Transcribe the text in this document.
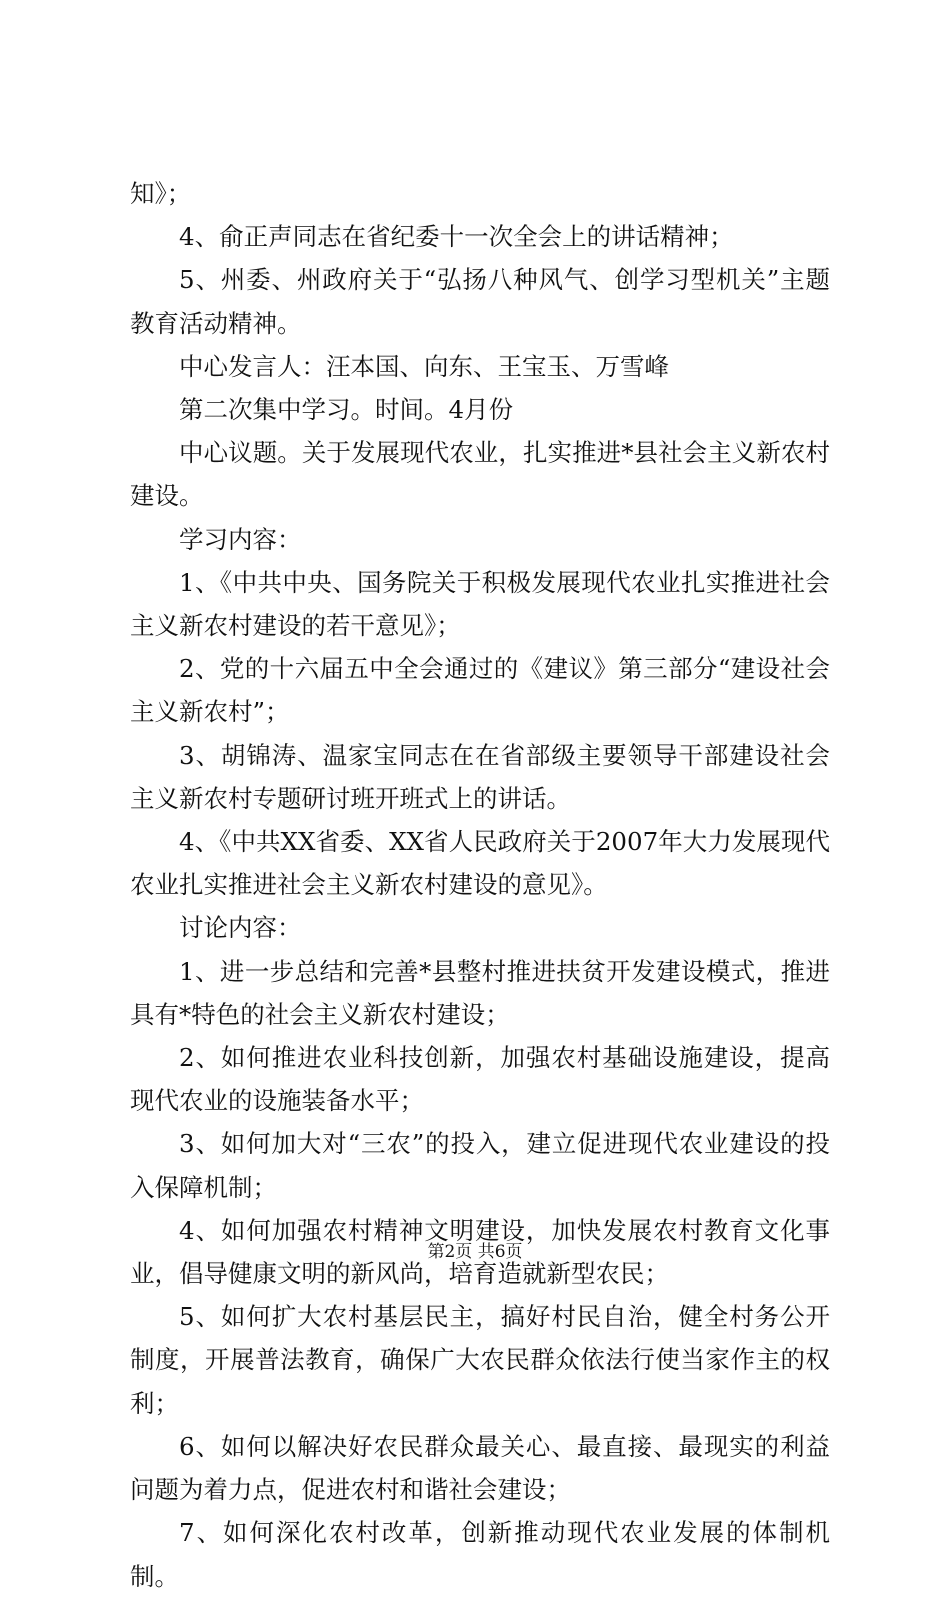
知》；

4、俞正声同志在省纪委十一次全会上的讲话精神；

5、州委、州政府关于“弘扬八种风气、创学习型机关”主题教育活动精神。

中心发言人：汪本国、向东、王宝玉、万雪峰

第二次集中学习。时间。4月份

中心议题。关于发展现代农业，扎实推进*县社会主义新农村建设。

学习内容：

1、《中共中央、国务院关于积极发展现代农业扎实推进社会主义新农村建设的若干意见》；

2、党的十六届五中全会通过的《建议》第三部分“建设社会主义新农村”；

3、胡锦涛、温家宝同志在在省部级主要领导干部建设社会主义新农村专题研讨班开班式上的讲话。

4、《中共XX省委、XX省人民政府关于2007年大力发展现代农业扎实推进社会主义新农村建设的意见》。

讨论内容：

1、进一步总结和完善*县整村推进扶贫开发建设模式，推进具有*特色的社会主义新农村建设；

2、如何推进农业科技创新，加强农村基础设施建设，提高现代农业的设施装备水平；

3、如何加大对“三农”的投入，建立促进现代农业建设的投入保障机制；

4、如何加强农村精神文明建设，加快发展农村教育文化事业，倡导健康文明的新风尚，培育造就新型农民；

5、如何扩大农村基层民主，搞好村民自治，健全村务公开制度，开展普法教育，确保广大农民群众依法行使当家作主的权利；

6、如何以解决好农民群众最关心、最直接、最现实的利益问题为着力点，促进农村和谐社会建设；

7、如何深化农村改革，创新推动现代农业发展的体制机制。

第2页 共6页
